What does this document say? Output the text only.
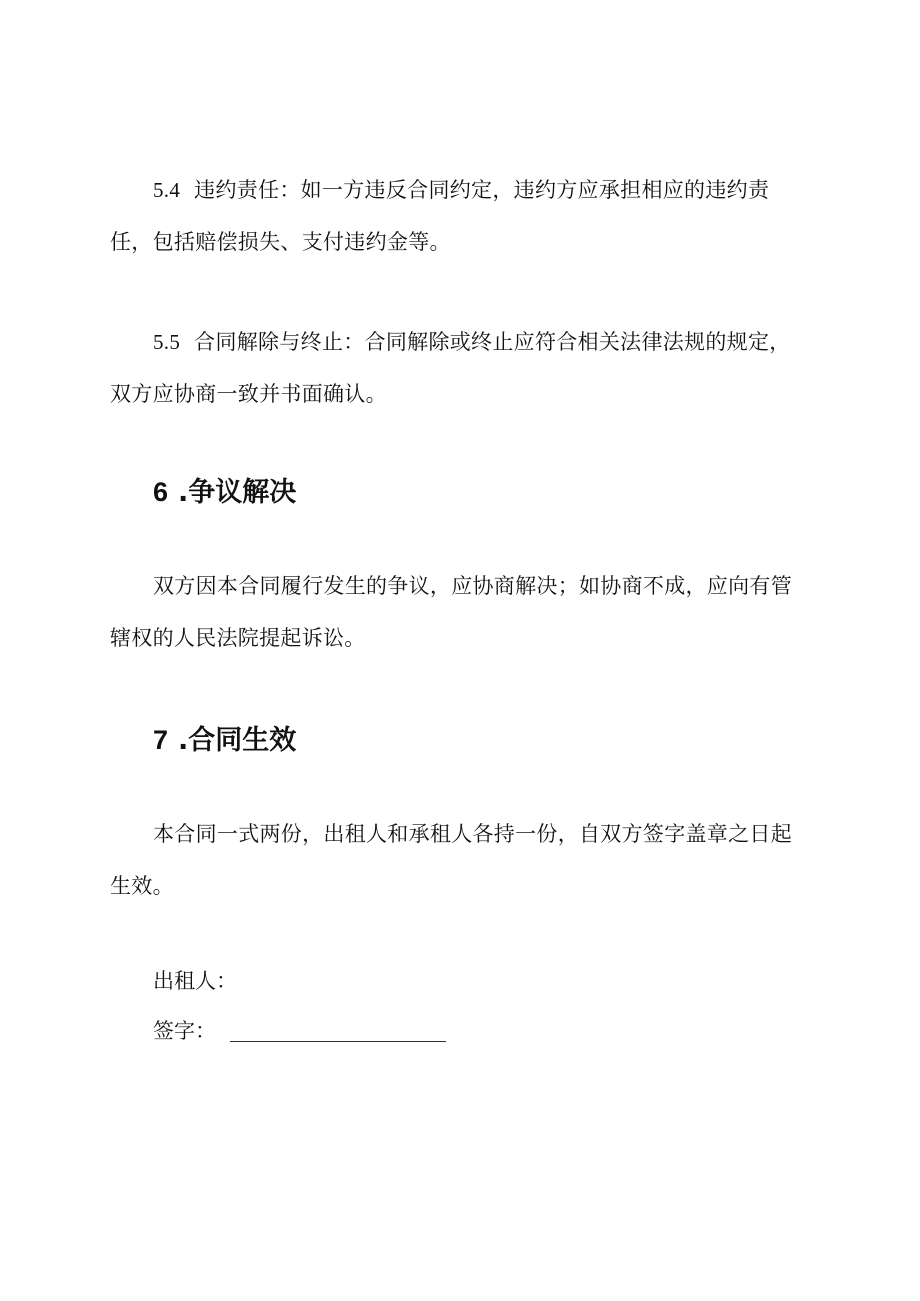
5.4 违约责任：如一方违反合同约定，违约方应承担相应的违约责任，包括赔偿损失、支付违约金等。

5.5 合同解除与终止：合同解除或终止应符合相关法律法规的规定，双方应协商一致并书面确认。

6 .争议解决

双方因本合同履行发生的争议，应协商解决；如协商不成，应向有管辖权的人民法院提起诉讼。

7 .合同生效

本合同一式两份，出租人和承租人各持一份，自双方签字盖章之日起生效。

出租人：

签字：
